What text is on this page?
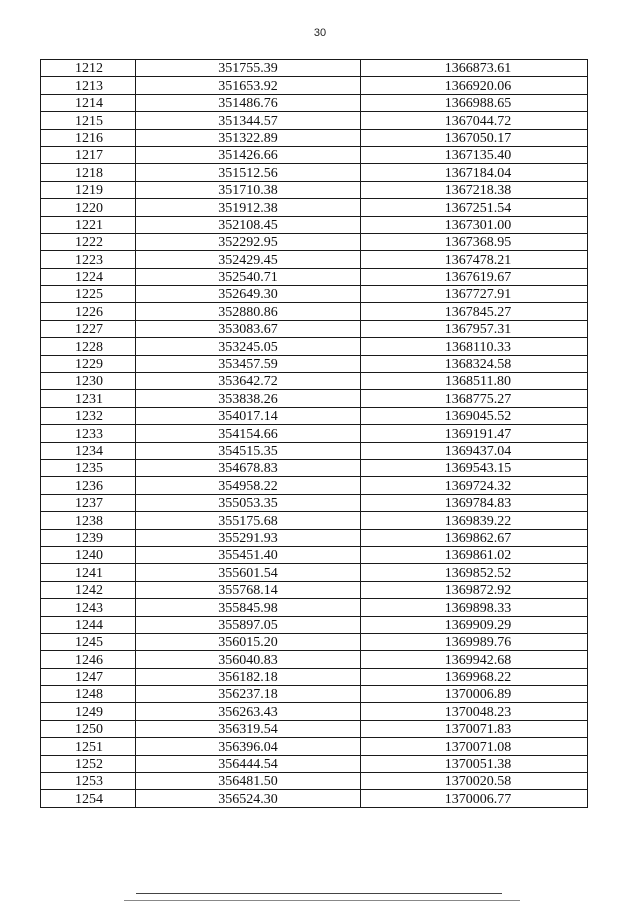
30
1212	351755.39	1366873.61
1213	351653.92	1366920.06
1214	351486.76	1366988.65
1215	351344.57	1367044.72
1216	351322.89	1367050.17
1217	351426.66	1367135.40
1218	351512.56	1367184.04
1219	351710.38	1367218.38
1220	351912.38	1367251.54
1221	352108.45	1367301.00
1222	352292.95	1367368.95
1223	352429.45	1367478.21
1224	352540.71	1367619.67
1225	352649.30	1367727.91
1226	352880.86	1367845.27
1227	353083.67	1367957.31
1228	353245.05	1368110.33
1229	353457.59	1368324.58
1230	353642.72	1368511.80
1231	353838.26	1368775.27
1232	354017.14	1369045.52
1233	354154.66	1369191.47
1234	354515.35	1369437.04
1235	354678.83	1369543.15
1236	354958.22	1369724.32
1237	355053.35	1369784.83
1238	355175.68	1369839.22
1239	355291.93	1369862.67
1240	355451.40	1369861.02
1241	355601.54	1369852.52
1242	355768.14	1369872.92
1243	355845.98	1369898.33
1244	355897.05	1369909.29
1245	356015.20	1369989.76
1246	356040.83	1369942.68
1247	356182.18	1369968.22
1248	356237.18	1370006.89
1249	356263.43	1370048.23
1250	356319.54	1370071.83
1251	356396.04	1370071.08
1252	356444.54	1370051.38
1253	356481.50	1370020.58
1254	356524.30	1370006.77
